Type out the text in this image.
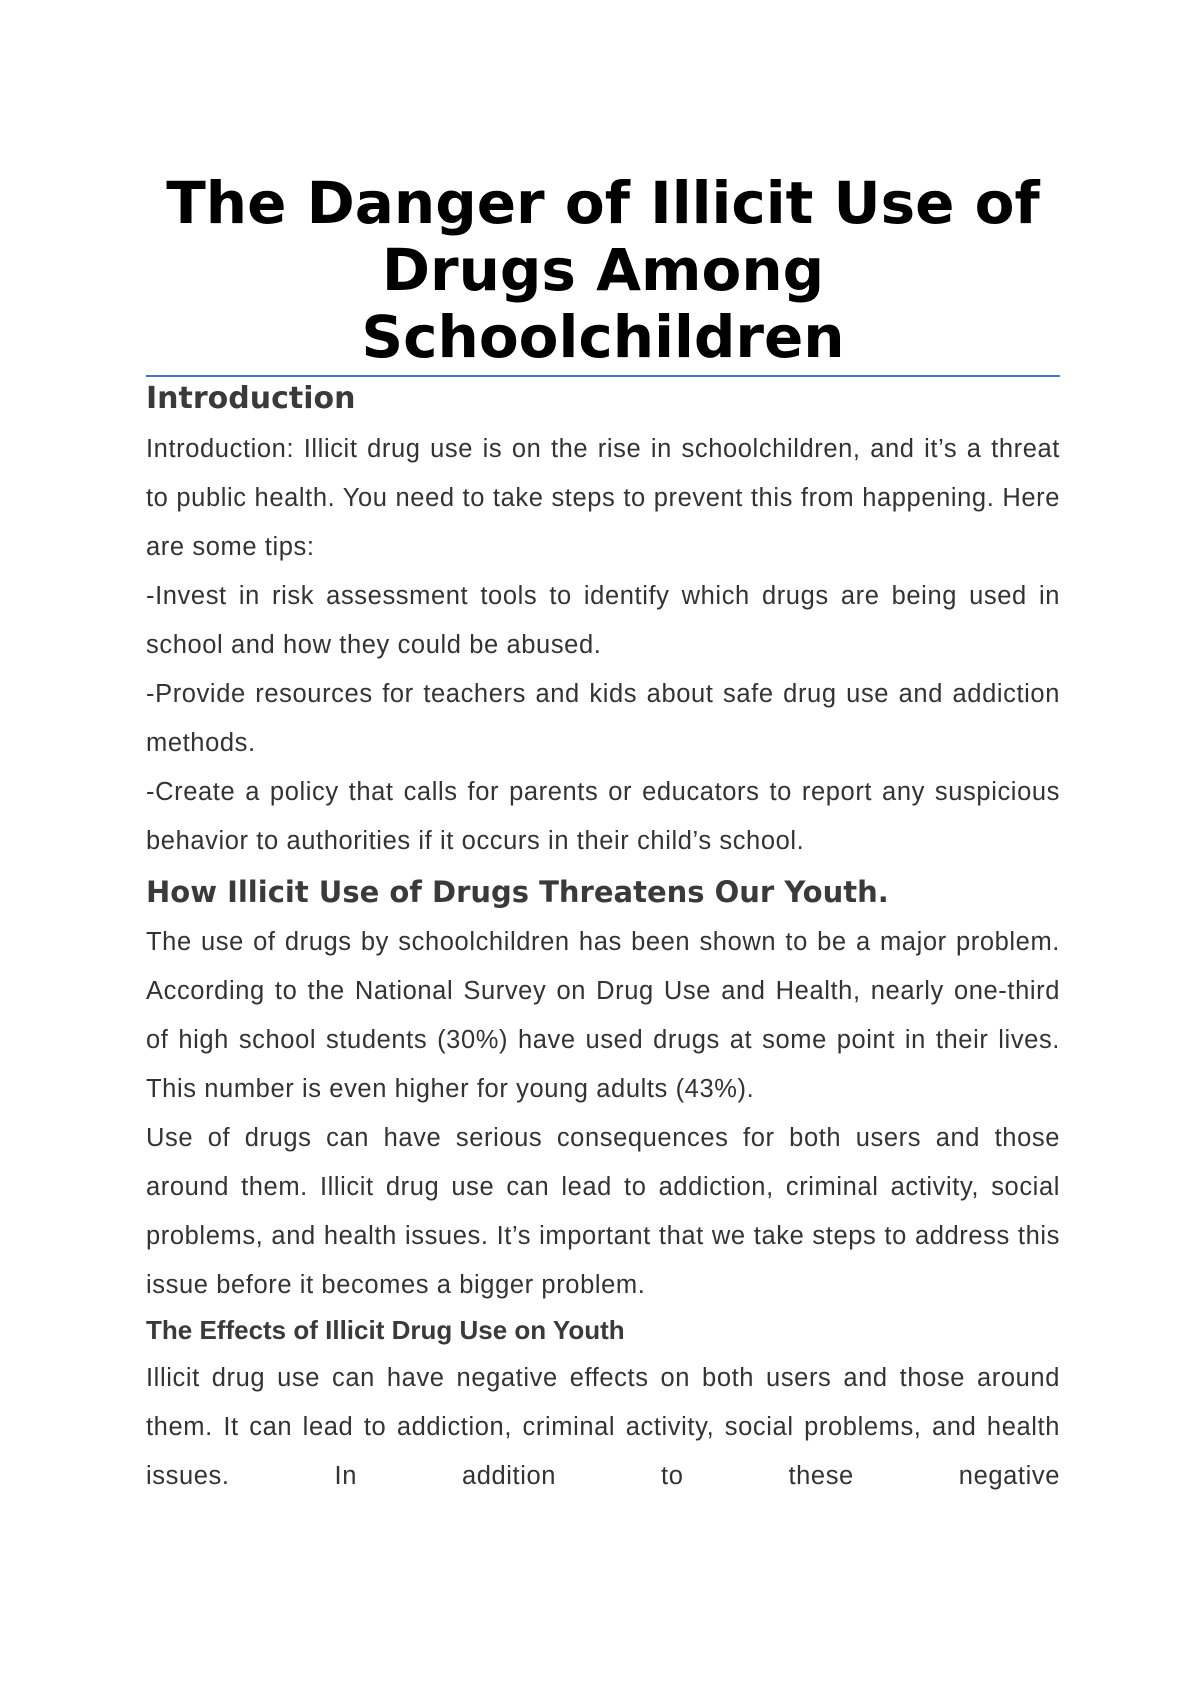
The Danger of Illicit Use of Drugs Among Schoolchildren
Introduction

Introduction: Illicit drug use is on the rise in schoolchildren, and it’s a threat to public health. You need to take steps to prevent this from happening. Here are some tips:

-Invest in risk assessment tools to identify which drugs are being used in school and how they could be abused.

-Provide resources for teachers and kids about safe drug use and addiction methods.

-Create a policy that calls for parents or educators to report any suspicious behavior to authorities if it occurs in their child’s school.

How Illicit Use of Drugs Threatens Our Youth.

The use of drugs by schoolchildren has been shown to be a major problem. According to the National Survey on Drug Use and Health, nearly one-third of high school students (30%) have used drugs at some point in their lives. This number is even higher for young adults (43%).

Use of drugs can have serious consequences for both users and those around them. Illicit drug use can lead to addiction, criminal activity, social problems, and health issues. It’s important that we take steps to address this issue before it becomes a bigger problem.

The Effects of Illicit Drug Use on Youth

Illicit drug use can have negative effects on both users and those around them. It can lead to addiction, criminal activity, social problems, and health issues. In addition to these negative
